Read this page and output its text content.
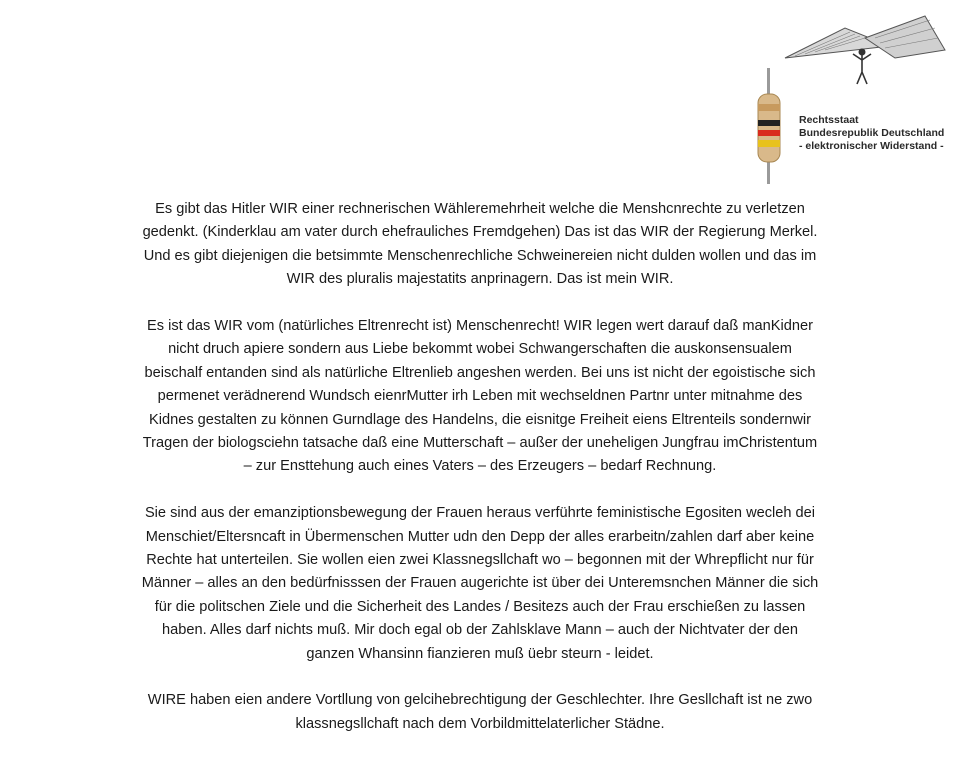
Rechtsstaat
Bundesrepublik Deutschland
- elektronischer Widerstand -
Es gibt das Hitler WIR einer rechnerischen Wähleremehrheit welche die Menshcnrechte zu verletzen
gedenkt. (Kinderklau am vater durch ehefrauliches Fremdgehen) Das ist das WIR der Regierung Merkel.
Und es gibt diejenigen die betsimmte Menschenrechliche Schweinereien nicht dulden wollen und das im
WIR des pluralis majestatits anprinagern. Das ist mein WIR.
Es ist das WIR vom (natürliches Eltrenrecht ist) Menschenrecht! WIR legen wert darauf daß manKidner
nicht druch apiere sondern aus Liebe bekommt wobei Schwangerschaften die auskonsensualem
beischalf entanden sind als natürliche Eltrenlieb angeshen werden. Bei uns ist nicht der egoistische sich
permenet verädnerend Wundsch eienrMutter irh Leben mit wechseldnen Partnr unter mitnahme des
Kidnes gestalten zu können Gurndlage des Handelns, die eisnitge Freiheit eiens Eltrenteils sondernwir
Tragen der biologsciehn tatsache daß eine Mutterschaft – außer der uneheligen Jungfrau imChristentum
– zur Ensttehung auch eines Vaters – des Erzeugers – bedarf Rechnung.
Sie sind aus der emanziptionsbewegung der Frauen heraus verführte feministische Egositen wecleh dei
Menschiet/Eltersncaft in Übermenschen Mutter udn den Depp der alles erarbeitn/zahlen darf aber keine
Rechte hat unterteilen. Sie wollen eien zwei Klassnegsllchaft wo – begonnen mit der Whrepflicht nur für
Männer – alles an den bedürfnisssen der Frauen augerichte ist über dei Unteremsnchen Männer die sich
für die politschen Ziele und die Sicherheit des Landes / Besitezs auch der Frau erschießen zu lassen
haben. Alles darf nichts muß. Mir doch egal ob der Zahlsklave Mann – auch der Nichtvater der den
ganzen Whansinn fianzieren muß üebr steurn - leidet.
WIRE haben eien andere Vortllung von gelcihebrechtigung der Geschlechter. Ihre Gesllchaft ist ne zwo
klassnegsllchaft nach dem Vorbildmittelaterlicher Städne.
